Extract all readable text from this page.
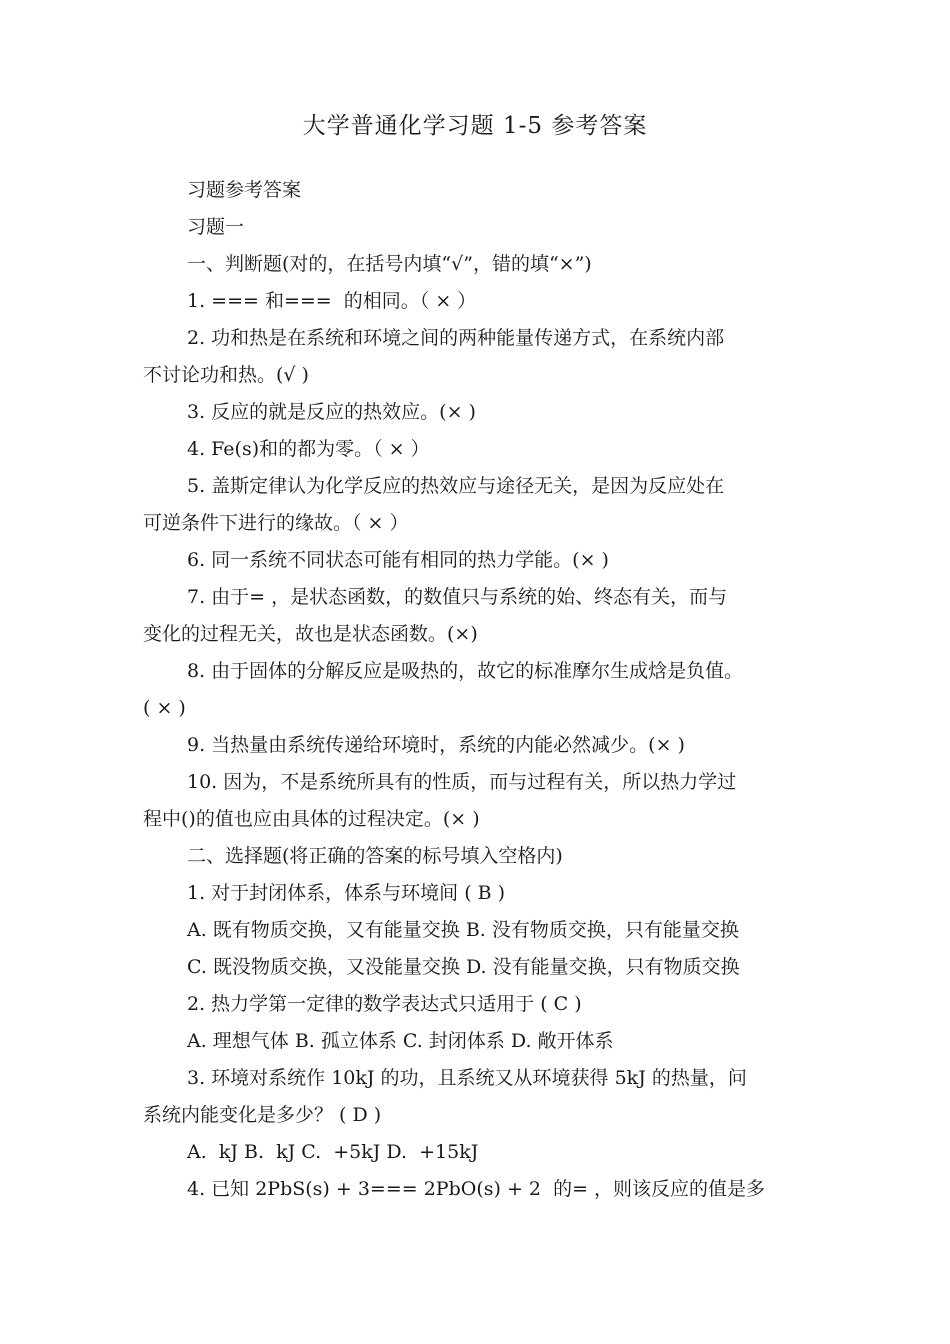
大学普通化学习题 1-5 参考答案
习题参考答案
习题一
一、判断题(对的，在括号内填“√”，错的填“×”)
1. === 和===  的相同。（ × ）
2. 功和热是在系统和环境之间的两种能量传递方式，在系统内部
不讨论功和热。(√ )
3. 反应的就是反应的热效应。(× )
4. Fe(s)和的都为零。（ × ）
5. 盖斯定律认为化学反应的热效应与途径无关，是因为反应处在
可逆条件下进行的缘故。（ × ）
6. 同一系统不同状态可能有相同的热力学能。(× )
7. 由于= ，是状态函数，的数值只与系统的始、终态有关，而与
变化的过程无关，故也是状态函数。(×)
8. 由于固体的分解反应是吸热的，故它的标准摩尔生成焓是负值。
( × )
9. 当热量由系统传递给环境时，系统的内能必然减少。(× )
10. 因为，不是系统所具有的性质，而与过程有关，所以热力学过
程中()的值也应由具体的过程决定。(× )
二、选择题(将正确的答案的标号填入空格内)
1. 对于封闭体系，体系与环境间 ( B )
A. 既有物质交换，又有能量交换 B. 没有物质交换，只有能量交换
C. 既没物质交换，又没能量交换 D. 没有能量交换，只有物质交换
2. 热力学第一定律的数学表达式只适用于 ( C )
A. 理想气体 B. 孤立体系 C. 封闭体系 D. 敞开体系
3. 环境对系统作 10kJ 的功，且系统又从环境获得 5kJ 的热量，问
系统内能变化是多少？ ( D )
A.  kJ B.  kJ C.  +5kJ D.  +15kJ
4. 已知 2PbS(s) + 3=== 2PbO(s) + 2  的= ，则该反应的值是多
